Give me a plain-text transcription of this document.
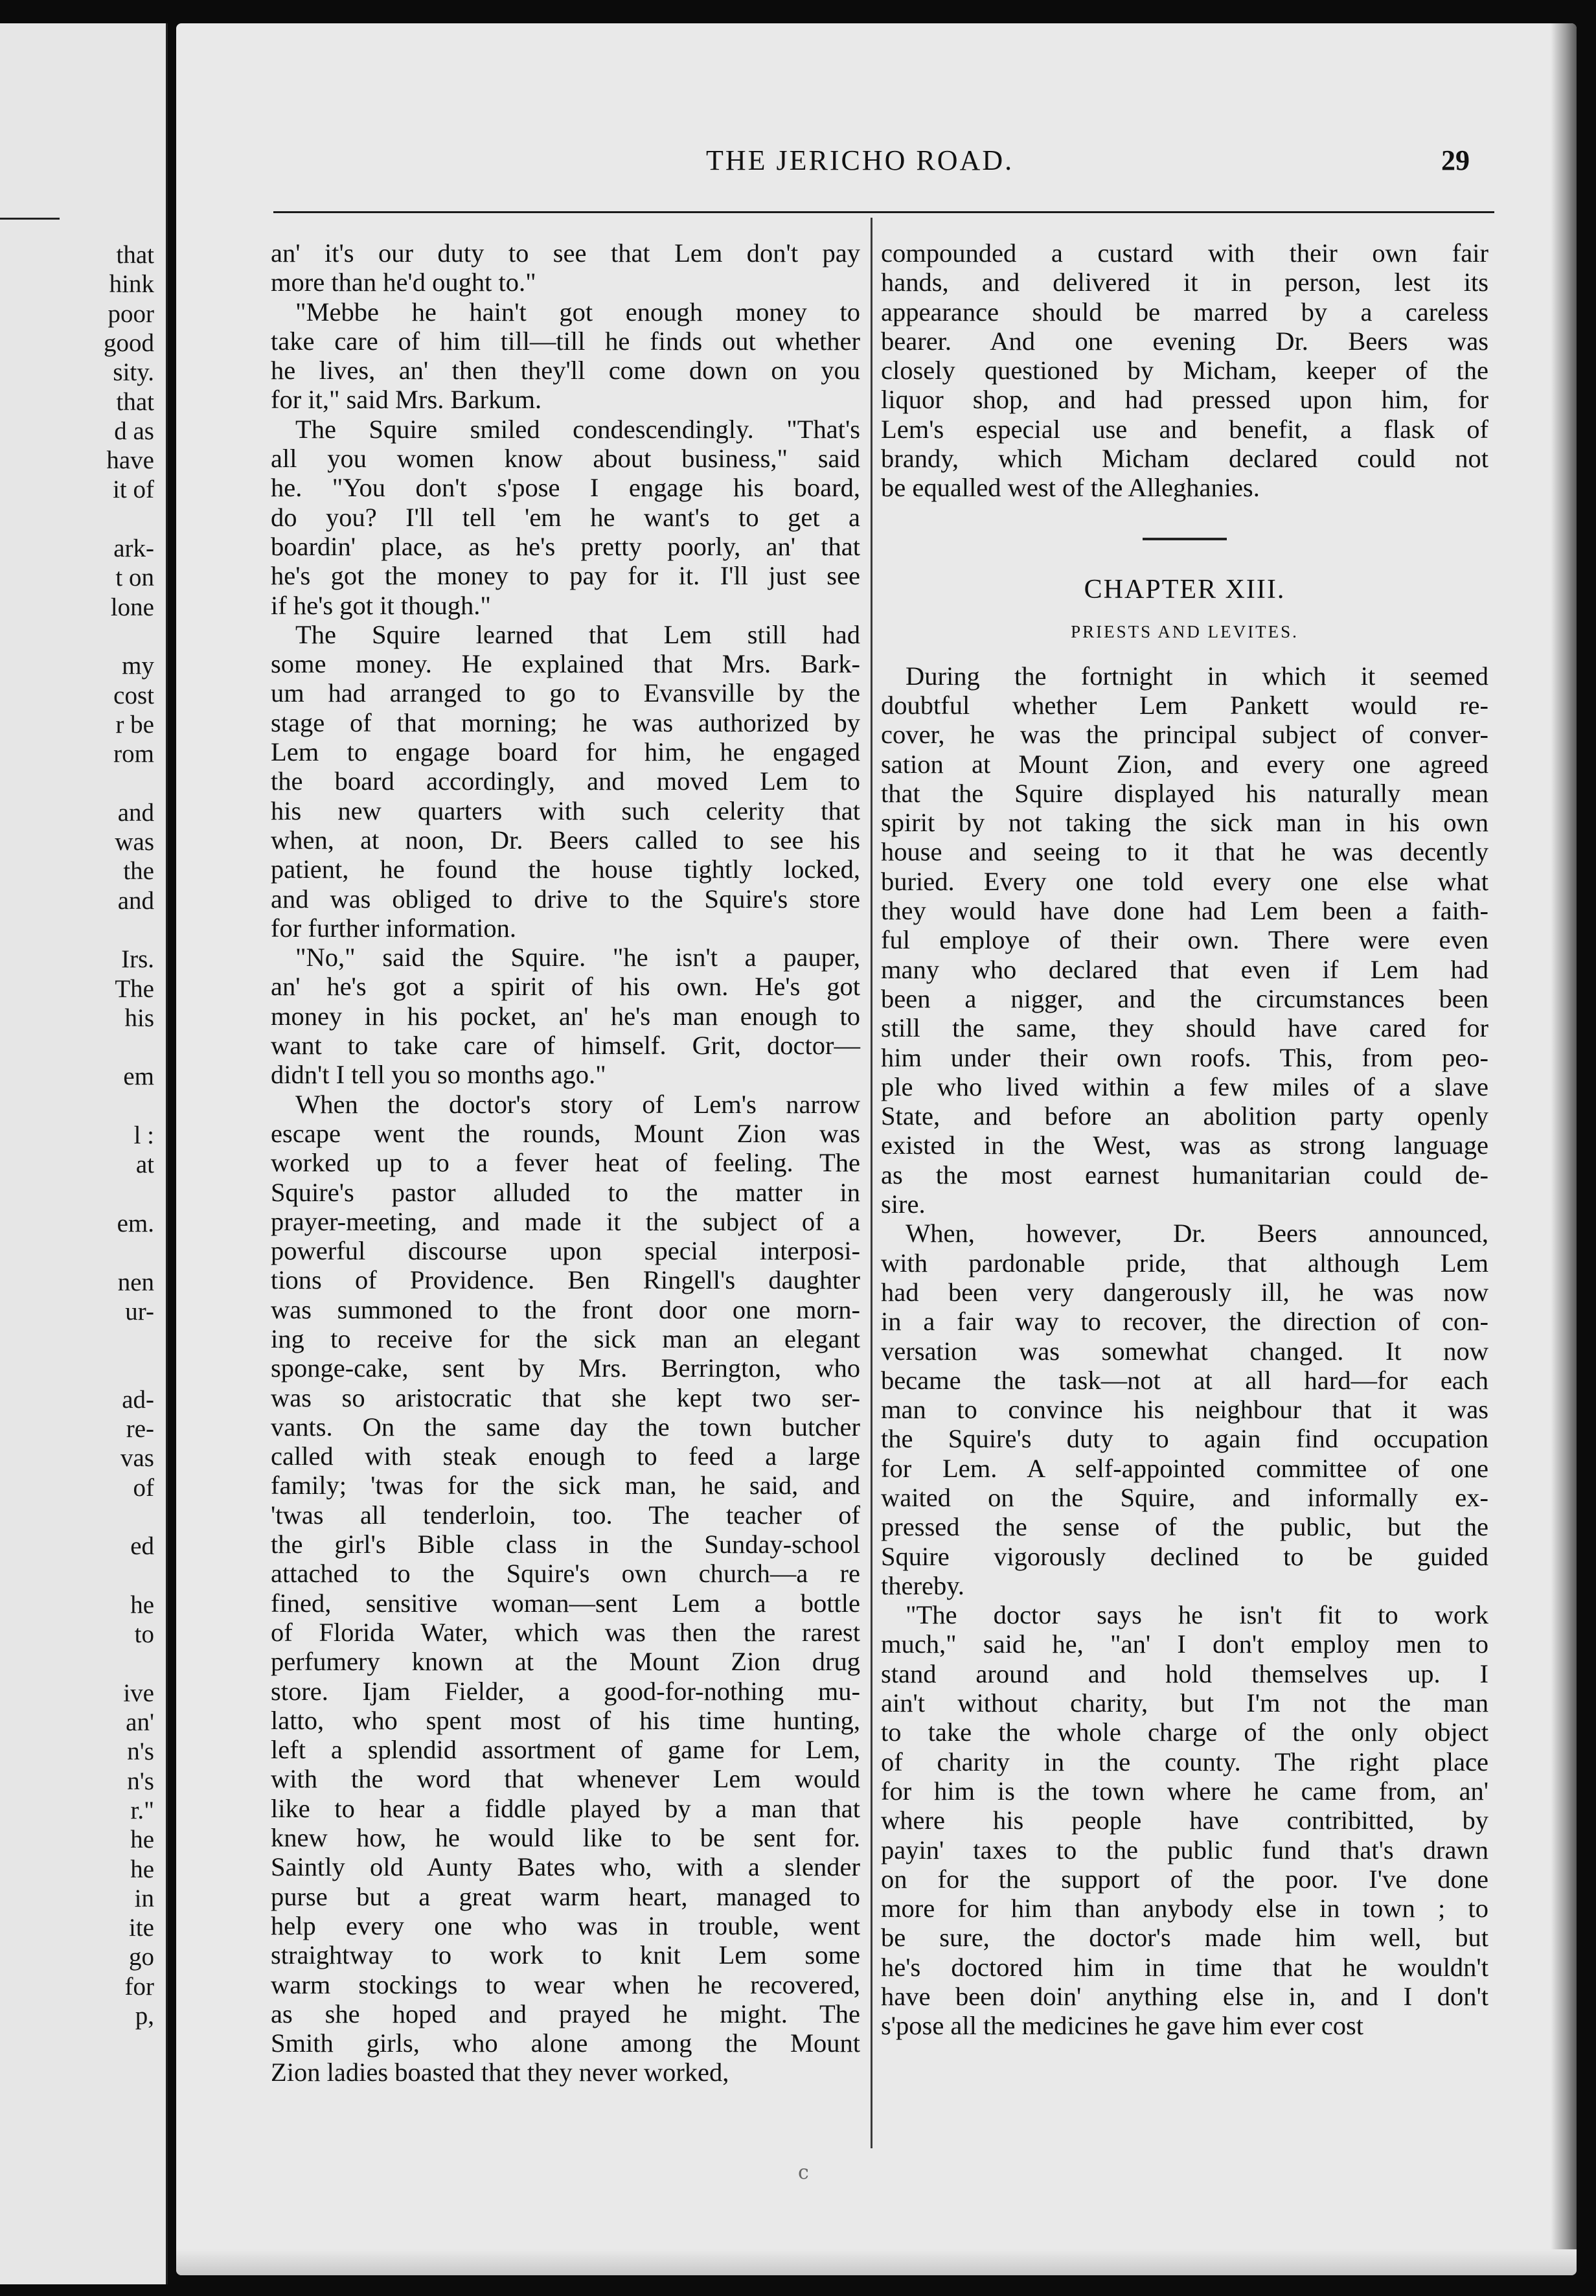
that
hink
poor
good
sity.
that
d as
have
it of
ark-
t on
lone
my
cost
r be
rom
and
was
the
and
Irs.
The
his
em
l :
at
em.
nen
ur-
ad-
re-
vas
of
ed
he
to
ive
an'
n's
n's
r."
he
he
in
ite
go
for
p,
THE JERICHO ROAD.	29
an' it's our duty to see that Lem don't pay
more than he'd ought to."
"Mebbe he hain't got enough money to
take care of him till—till he finds out whether
he lives, an' then they'll come down on you
for it," said Mrs. Barkum.
The Squire smiled condescendingly. "That's
all you women know about business," said
he. "You don't s'pose I engage his board,
do you? I'll tell 'em he want's to get a
boardin' place, as he's pretty poorly, an' that
he's got the money to pay for it. I'll just see
if he's got it though."
The Squire learned that Lem still had
some money. He explained that Mrs. Bark-
um had arranged to go to Evansville by the
stage of that morning; he was authorized by
Lem to engage board for him, he engaged
the board accordingly, and moved Lem to
his new quarters with such celerity that
when, at noon, Dr. Beers called to see his
patient, he found the house tightly locked,
and was obliged to drive to the Squire's store
for further information.
"No," said the Squire. "he isn't a pauper,
an' he's got a spirit of his own. He's got
money in his pocket, an' he's man enough to
want to take care of himself. Grit, doctor—
didn't I tell you so months ago."
When the doctor's story of Lem's narrow
escape went the rounds, Mount Zion was
worked up to a fever heat of feeling. The
Squire's pastor alluded to the matter in
prayer-meeting, and made it the subject of a
powerful discourse upon special interposi-
tions of Providence. Ben Ringell's daughter
was summoned to the front door one morn-
ing to receive for the sick man an elegant
sponge-cake, sent by Mrs. Berrington, who
was so aristocratic that she kept two ser-
vants. On the same day the town butcher
called with steak enough to feed a large
family; 'twas for the sick man, he said, and
'twas all tenderloin, too. The teacher of
the girl's Bible class in the Sunday-school
attached to the Squire's own church—a re
fined, sensitive woman—sent Lem a bottle
of Florida Water, which was then the rarest
perfumery known at the Mount Zion drug
store. Ijam Fielder, a good-for-nothing mu-
latto, who spent most of his time hunting,
left a splendid assortment of game for Lem,
with the word that whenever Lem would
like to hear a fiddle played by a man that
knew how, he would like to be sent for.
Saintly old Aunty Bates who, with a slender
purse but a great warm heart, managed to
help every one who was in trouble, went
straightway to work to knit Lem some
warm stockings to wear when he recovered,
as she hoped and prayed he might. The
Smith girls, who alone among the Mount
Zion ladies boasted that they never worked,
compounded a custard with their own fair
hands, and delivered it in person, lest its
appearance should be marred by a careless
bearer. And one evening Dr. Beers was
closely questioned by Micham, keeper of the
liquor shop, and had pressed upon him, for
Lem's especial use and benefit, a flask of
brandy, which Micham declared could not
be equalled west of the Alleghanies.
CHAPTER XIII.
PRIESTS AND LEVITES.
During the fortnight in which it seemed
doubtful whether Lem Pankett would re-
cover, he was the principal subject of conver-
sation at Mount Zion, and every one agreed
that the Squire displayed his naturally mean
spirit by not taking the sick man in his own
house and seeing to it that he was decently
buried. Every one told every one else what
they would have done had Lem been a faith-
ful employe of their own. There were even
many who declared that even if Lem had
been a nigger, and the circumstances been
still the same, they should have cared for
him under their own roofs. This, from peo-
ple who lived within a few miles of a slave
State, and before an abolition party openly
existed in the West, was as strong language
as the most earnest humanitarian could de-
sire.
When, however, Dr. Beers announced,
with pardonable pride, that although Lem
had been very dangerously ill, he was now
in a fair way to recover, the direction of con-
versation was somewhat changed. It now
became the task—not at all hard—for each
man to convince his neighbour that it was
the Squire's duty to again find occupation
for Lem. A self-appointed committee of one
waited on the Squire, and informally ex-
pressed the sense of the public, but the
Squire vigorously declined to be guided
thereby.
"The doctor says he isn't fit to work
much," said he, "an' I don't employ men to
stand around and hold themselves up. I
ain't without charity, but I'm not the man
to take the whole charge of the only object
of charity in the county. The right place
for him is the town where he came from, an'
where his people have contribitted, by
payin' taxes to the public fund that's drawn
on for the support of the poor. I've done
more for him than anybody else in town ; to
be sure, the doctor's made him well, but
he's doctored him in time that he wouldn't
have been doin' anything else in, and I don't
s'pose all the medicines he gave him ever cost
c
